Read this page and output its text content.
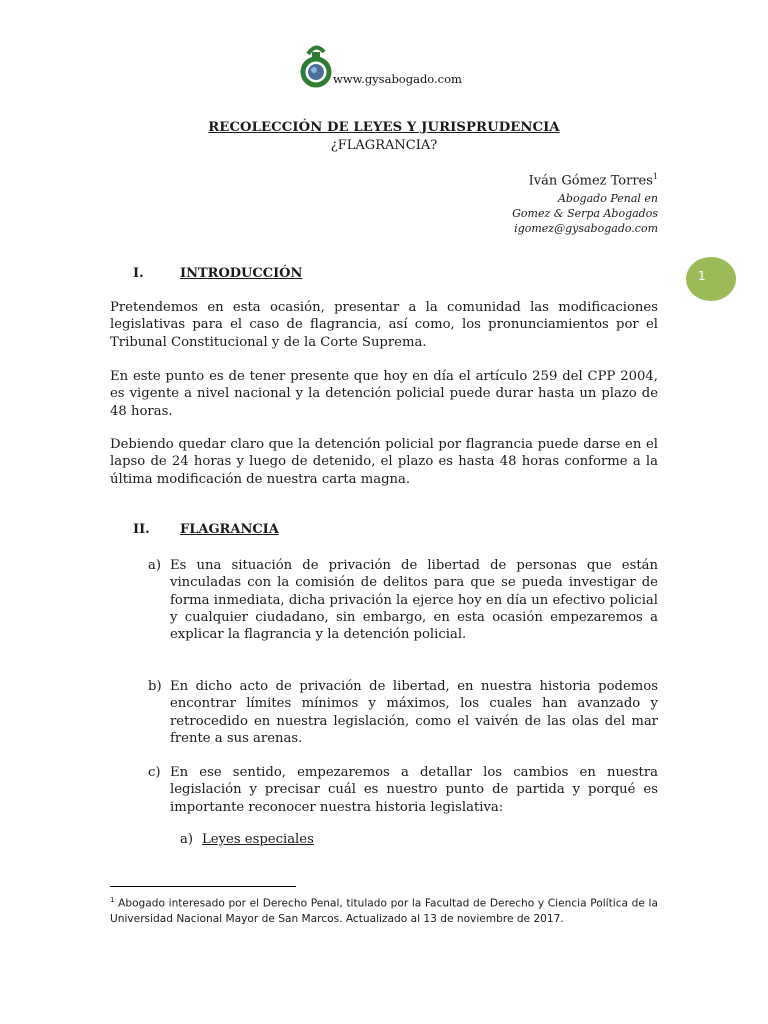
www.gysabogado.com
RECOLECCIÓN DE LEYES Y JURISPRUDENCIA
¿FLAGRANCIA?
Iván Gómez Torres$^1$
Abogado Penal en
Gomez & Serpa Abogados
igomez@gysabogado.com
1
I.	INTRODUCCIÓN
Pretendemos en esta ocasión, presentar a la comunidad las modificaciones legislativas para el caso de flagrancia, así como, los pronunciamientos por el Tribunal Constitucional y de la Corte Suprema.
En este punto es de tener presente que hoy en día el artículo 259 del CPP 2004, es vigente a nivel nacional y la detención policial puede durar hasta un plazo de 48 horas.
Debiendo quedar claro que la detención policial por flagrancia puede darse en el lapso de 24 horas y luego de detenido, el plazo es hasta 48 horas conforme a la última modificación de nuestra carta magna.
II. FLAGRANCIA
a) Es una situación de privación de libertad de personas que están vinculadas con la comisión de delitos para que se pueda investigar de forma inmediata, dicha privación la ejerce hoy en día un efectivo policial y cualquier ciudadano, sin embargo, en esta ocasión empezaremos a explicar la flagrancia y la detención policial.
b) En dicho acto de privación de libertad, en nuestra historia podemos encontrar límites mínimos y máximos, los cuales han avanzado y retrocedido en nuestra legislación, como el vaivén de las olas del mar frente a sus arenas.
c) En ese sentido, empezaremos a detallar los cambios en nuestra legislación y precisar cuál es nuestro punto de partida y porqué es importante reconocer nuestra historia legislativa:
a) Leyes especiales
$^1$ Abogado interesado por el Derecho Penal, titulado por la Facultad de Derecho y Ciencia Política de la Universidad Nacional Mayor de San Marcos. Actualizado al 13 de noviembre de 2017.
